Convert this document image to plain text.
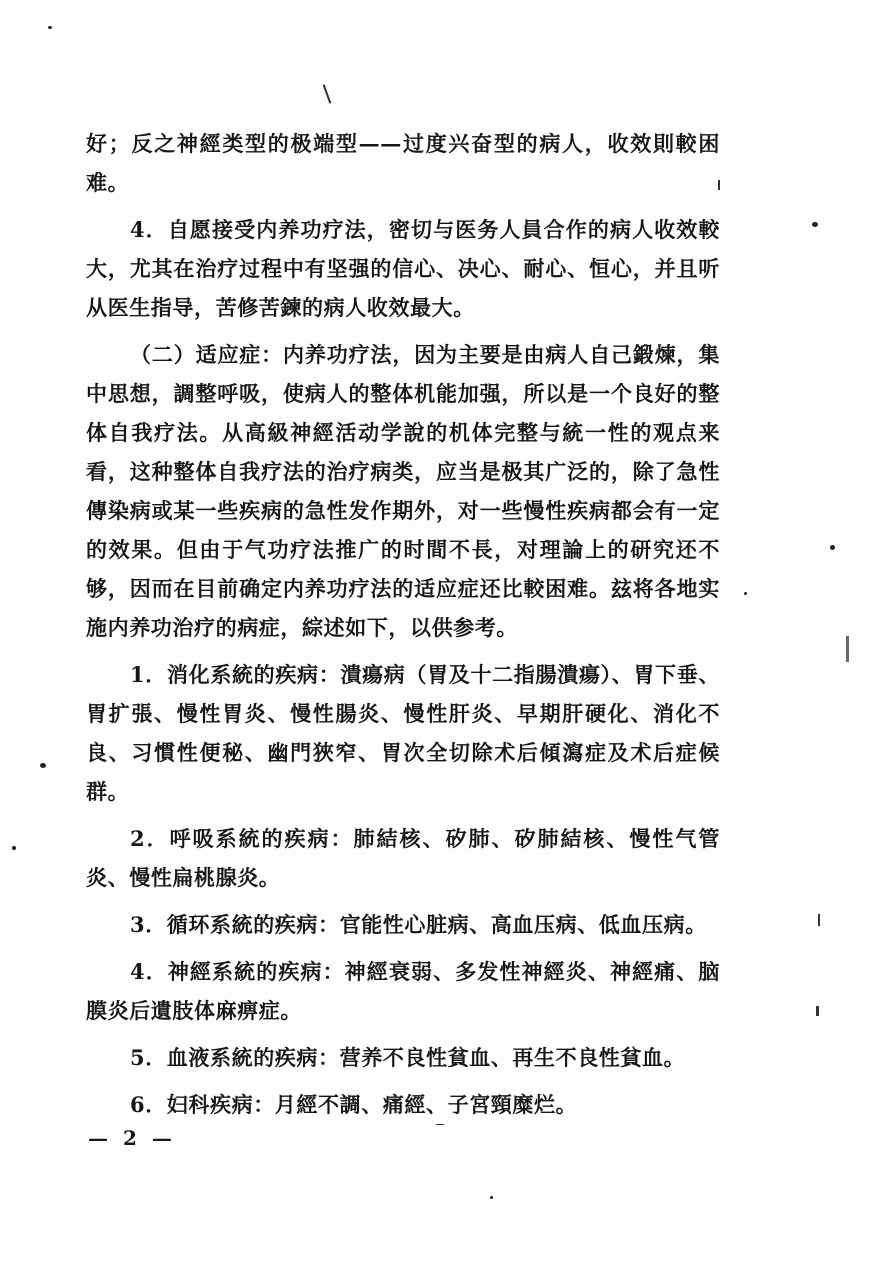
好；反之神經类型的极端型——过度兴奋型的病人，收效則較困难。

4．自愿接受内养功疗法，密切与医务人員合作的病人收效較大，尤其在治疗过程中有坚强的信心、决心、耐心、恒心，并且听从医生指导，苦修苦鍊的病人收效最大。

（二）适应症：内养功疗法，因为主要是由病人自己鍛煉，集中思想，調整呼吸，使病人的整体机能加强，所以是一个良好的整体自我疗法。从高級神經活动学說的机体完整与統一性的观点来看，这种整体自我疗法的治疗病类，应当是极其广泛的，除了急性傳染病或某一些疾病的急性发作期外，对一些慢性疾病都会有一定的效果。但由于气功疗法推广的时間不長，对理論上的研究还不够，因而在目前确定内养功疗法的适应症还比較困难。玆将各地实施内养功治疗的病症，綜述如下，以供参考。

1．消化系統的疾病：潰瘍病（胃及十二指腸潰瘍）、胃下垂、胃扩張、慢性胃炎、慢性腸炎、慢性肝炎、早期肝硬化、消化不良、习慣性便秘、幽門狹窄、胃次全切除术后傾瀉症及术后症候群。

2．呼吸系統的疾病：肺結核、矽肺、矽肺結核、慢性气管炎、慢性扁桃腺炎。

3．循环系統的疾病：官能性心脏病、高血压病、低血压病。

4．神經系統的疾病：神經衰弱、多发性神經炎、神經痛、脑膜炎后遺肢体麻痹症。

5．血液系統的疾病：营养不良性貧血、再生不良性貧血。

6．妇科疾病：月經不調、痛經、子宮頸糜烂。

— 2 —
